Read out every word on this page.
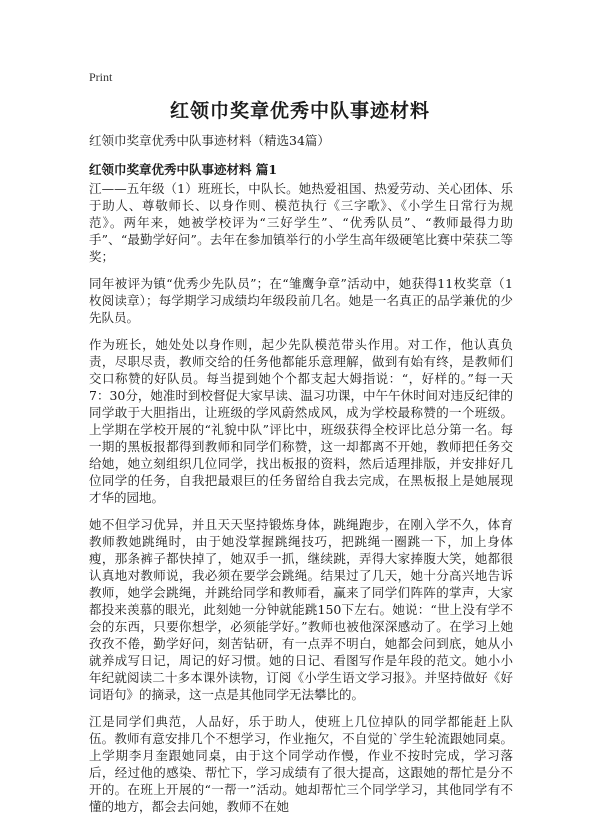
Print
红领巾奖章优秀中队事迹材料
红领巾奖章优秀中队事迹材料（精选34篇）
红领巾奖章优秀中队事迹材料 篇1

江——五年级（1）班班长，中队长。她热爱祖国、热爱劳动、关心团体、乐于助人、尊敬师长、以身作则、模范执行《三字歌》、《小学生日常行为规范》。两年来，她被学校评为“三好学生”、“优秀队员”、“教师最得力助手”、“最勤学好问”。去年在参加镇举行的小学生高年级硬笔比赛中荣获二等奖；

同年被评为镇“优秀少先队员”；在“雏鹰争章”活动中，她获得11枚奖章（1枚阅读章）；每学期学习成绩均年级段前几名。她是一名真正的品学兼优的少先队员。

作为班长，她处处以身作则，起少先队模范带头作用。对工作，他认真负责，尽职尽责，教师交给的任务他都能乐意理解，做到有始有终，是教师们交口称赞的好队员。每当提到她个个都支起大姆指说：“，好样的。”每一天7：30分，她准时到校督促大家早读、温习功课，中午午休时间对违反纪律的同学敢于大胆指出，让班级的学风蔚然成风，成为学校最称赞的一个班级。上学期在学校开展的“礼貌中队”评比中，班级获得全校评比总分第一名。每一期的黑板报都得到教师和同学们称赞，这一却都离不开她，教师把任务交给她，她立刻组织几位同学，找出板报的资料，然后适理排版，并安排好几位同学的任务，自我把最艰巨的任务留给自我去完成，在黑板报上是她展现才华的园地。

她不但学习优异，并且天天坚持锻炼身体，跳绳跑步，在刚入学不久，体育教师教她跳绳时，由于她没掌握跳绳技巧，把跳绳一圈跳一下，加上身体瘦，那条裤子都快掉了，她双手一抓，继续跳，弄得大家捧腹大笑，她都很认真地对教师说，我必须在要学会跳绳。结果过了几天，她十分高兴地告诉教师，她学会跳绳，并跳给同学和教师看，赢来了同学们阵阵的掌声，大家都投来羡慕的眼光，此刻她一分钟就能跳150下左右。她说：“世上没有学不会的东西，只要你想学，必须能学好。”教师也被他深深感动了。在学习上她孜孜不倦，勤学好问，刻苦钻研，有一点弄不明白，她都会问到底，她从小就养成写日记，周记的好习惯。她的日记、看图写作是年段的范文。她小小年纪就阅读二十多本课外读物，订阅《小学生语文学习报》。并坚持做好《好词语句》的摘录，这一点是其他同学无法攀比的。

江是同学们典范，人品好，乐于助人，使班上几位掉队的同学都能赶上队伍。教师有意安排几个不想学习，作业拖欠，不自觉的`学生轮流跟她同桌。上学期李月奎跟她同桌，由于这个同学动作慢，作业不按时完成，学习落后，经过他的感染、帮忙下，学习成绩有了很大提高，这跟她的帮忙是分不开的。在班上开展的“一帮一”活动。她却帮忙三个同学学习，其他同学有不懂的地方，都会去问她，教师不在她
